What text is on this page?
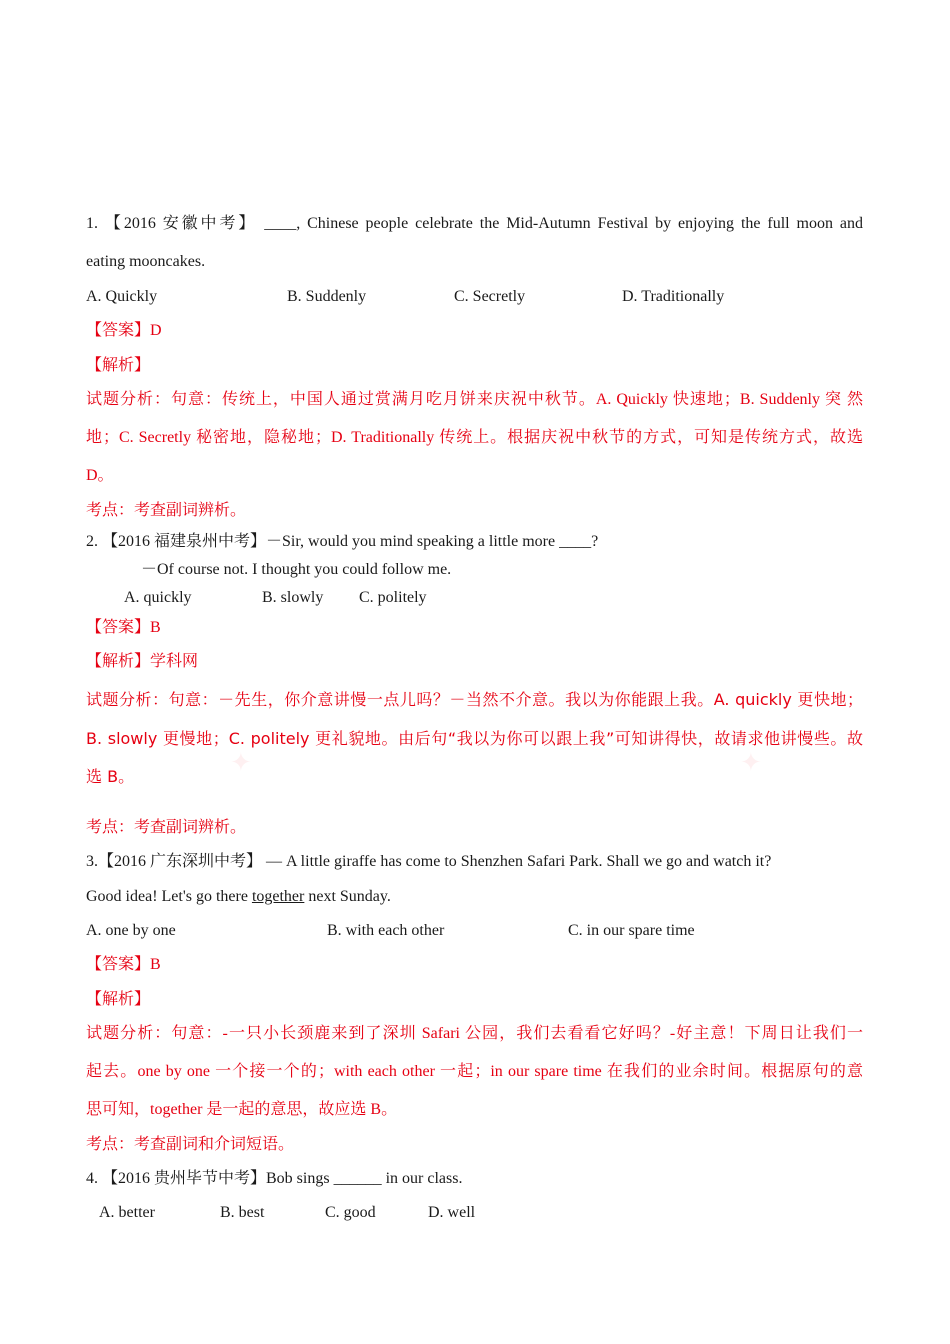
✦	✦
1. 【2016 安徽中考】 ____, Chinese people celebrate the Mid-Autumn Festival by enjoying the full moon and
eating mooncakes.
A. Quickly	B. Suddenly	C. Secretly	D. Traditionally
【答案】D
【解析】
试题分析：句意：传统上，中国人通过赏满月吃月饼来庆祝中秋节。A. Quickly 快速地；B. Suddenly 突 然
地；C. Secretly 秘密地，隐秘地；D. Traditionally 传统上。根据庆祝中秋节的方式，可知是传统方式，故选
D。
考点：考查副词辨析。
2. 【2016 福建泉州中考】－Sir, would you mind speaking a little more ____?
－Of course not. I thought you could follow me.
A. quickly	B. slowly C. politely
【答案】B
【解析】学科网
试题分析：句意：－先生，你介意讲慢一点儿吗？－当然不介意。我以为你能跟上我。A. quickly 更快地；
B. slowly 更慢地；C. politely 更礼貌地。由后句“我以为你可以跟上我”可知讲得快，故请求他讲慢些。故
选 B。
考点：考查副词辨析。
3.【2016 广东深圳中考】 — A little giraffe has come to Shenzhen Safari Park. Shall we go and watch it?
Good idea! Let's go there together next Sunday.
A. one by one	B. with each other	C. in our spare time
【答案】B
【解析】
试题分析：句意：-一只小长颈鹿来到了深圳 Safari 公园，我们去看看它好吗？-好主意！下周日让我们一
起去。one by one 一个接一个的；with each other 一起；in our spare time 在我们的业余时间。根据原句的意
思可知，together 是一起的意思，故应选 B。
考点：考查副词和介词短语。
4. 【2016 贵州毕节中考】Bob sings ______ in our class.
A. better	B. best	C. good	D. well
